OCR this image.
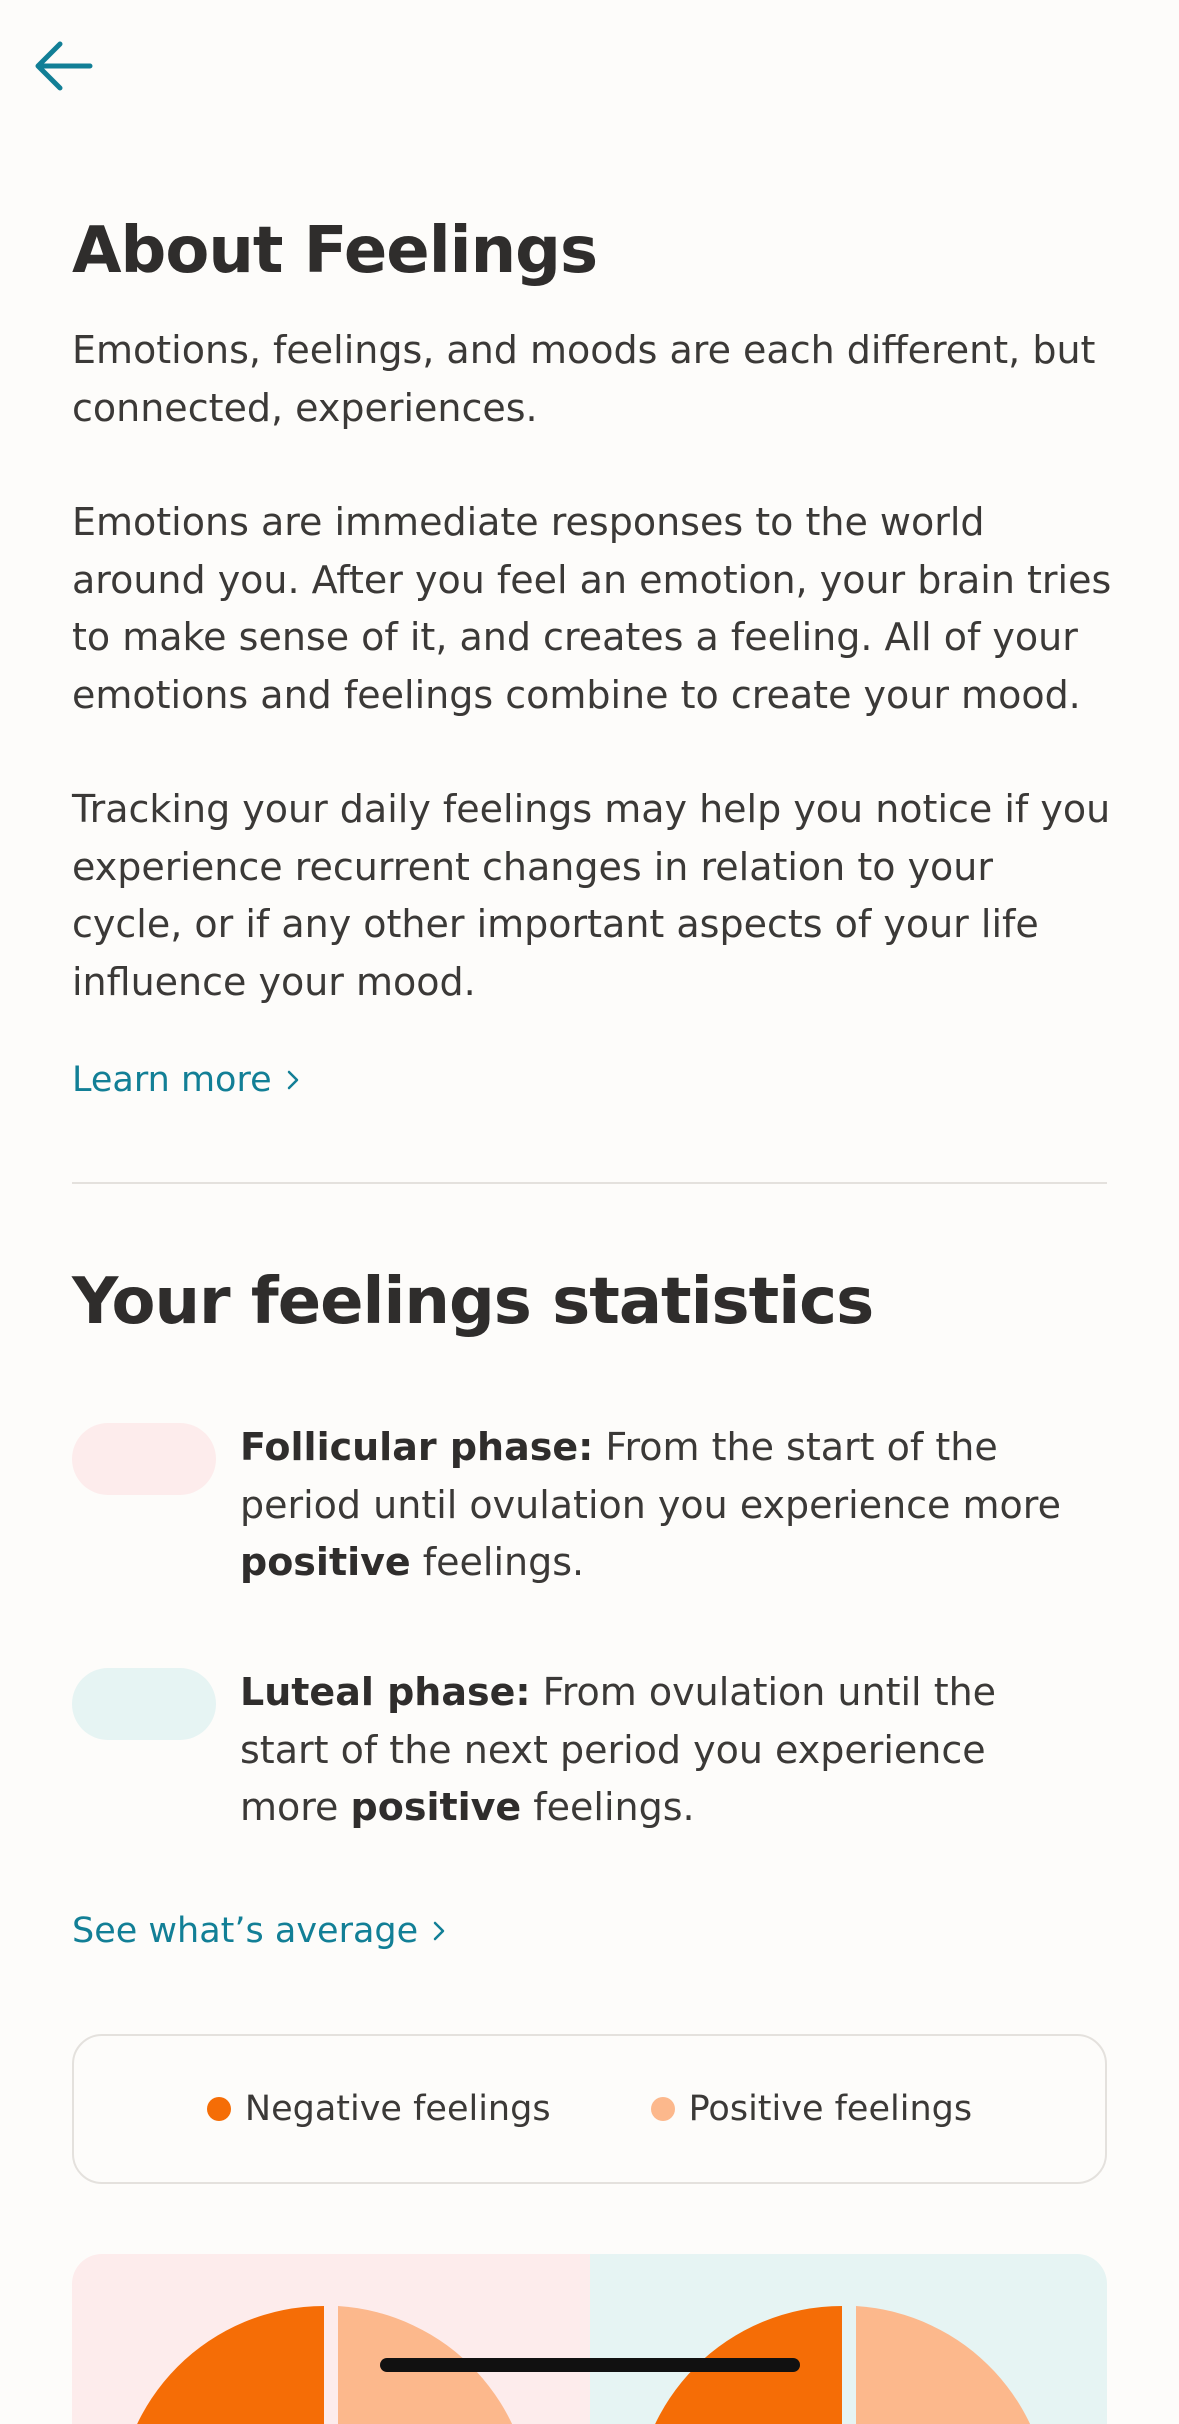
About Feelings

Emotions, feelings, and moods are each different, but connected, experiences.

Emotions are immediate responses to the world around you. After you feel an emotion, your brain tries to make sense of it, and creates a feeling. All of your emotions and feelings combine to create your mood.

Tracking your daily feelings may help you notice if you experience recurrent changes in relation to your cycle, or if any other important aspects of your life influence your mood.

Learn more
Your feelings statistics
Follicular phase: From the start of the period until ovulation you experience more positive feelings.
Luteal phase: From ovulation until the start of the next period you experience more positive feelings.
See what’s average
Negative feelings	Positive feelings
